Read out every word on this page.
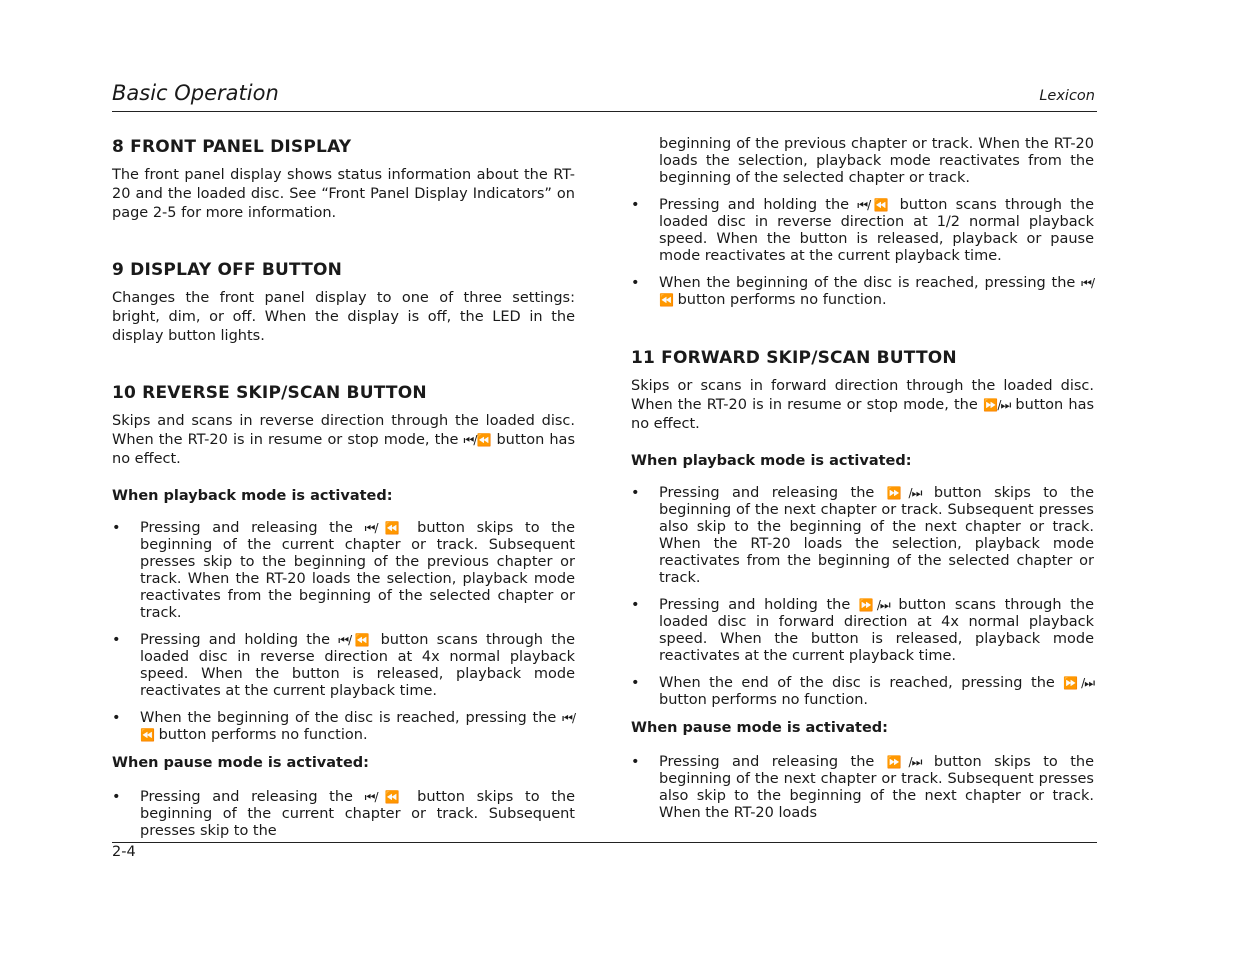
Basic Operation	Lexicon
8 FRONT PANEL DISPLAY

The front panel display shows status information about the RT-20 and the loaded disc. See “Front Panel Display Indicators” on page 2-5 for more information.

9 DISPLAY OFF BUTTON

Changes the front panel display to one of three settings: bright, dim, or off. When the display is off, the LED in the display button lights.

10 REVERSE SKIP/SCAN BUTTON

Skips and scans in reverse direction through the loaded disc. When the RT-20 is in resume or stop mode, the ⏮/⏪ button has no effect.

When playback mode is activated:
• Pressing and releasing the ⏮/⏪ button skips to the beginning of the current chapter or track. Subsequent presses skip to the beginning of the previous chapter or track. When the RT-20 loads the selection, playback mode reactivates from the beginning of the selected chapter or track.
• Pressing and holding the ⏮/⏪ button scans through the loaded disc in reverse direction at 4x normal playback speed. When the button is released, playback mode reactivates at the current playback time.
• When the beginning of the disc is reached, pressing the ⏮/⏪ button performs no function.
When pause mode is activated:
• Pressing and releasing the ⏮/⏪ button skips to the beginning of the current chapter or track. Subsequent presses skip to the
beginning of the previous chapter or track. When the RT-20 loads the selection, playback mode reactivates from the beginning of the selected chapter or track.
• Pressing and holding the ⏮/⏪ button scans through the loaded disc in reverse direction at 1/2 normal playback speed. When the button is released, playback or pause mode reactivates at the current playback time.
• When the beginning of the disc is reached, pressing the ⏮/⏪ button performs no function.
11 FORWARD SKIP/SCAN BUTTON

Skips or scans in forward direction through the loaded disc. When the RT-20 is in resume or stop mode, the ⏩/⏭ button has no effect.

When playback mode is activated:
• Pressing and releasing the ⏩/⏭ button skips to the beginning of the next chapter or track. Subsequent presses also skip to the beginning of the next chapter or track. When the RT-20 loads the selection, playback mode reactivates from the beginning of the selected chapter or track.
• Pressing and holding the ⏩/⏭ button scans through the loaded disc in forward direction at 4x normal playback speed. When the button is released, playback mode reactivates at the current playback time.
• When the end of the disc is reached, pressing the ⏩/⏭ button performs no function.
When pause mode is activated:
• Pressing and releasing the ⏩/⏭ button skips to the beginning of the next chapter or track. Subsequent presses also skip to the beginning of the next chapter or track. When the RT-20 loads
2-4
